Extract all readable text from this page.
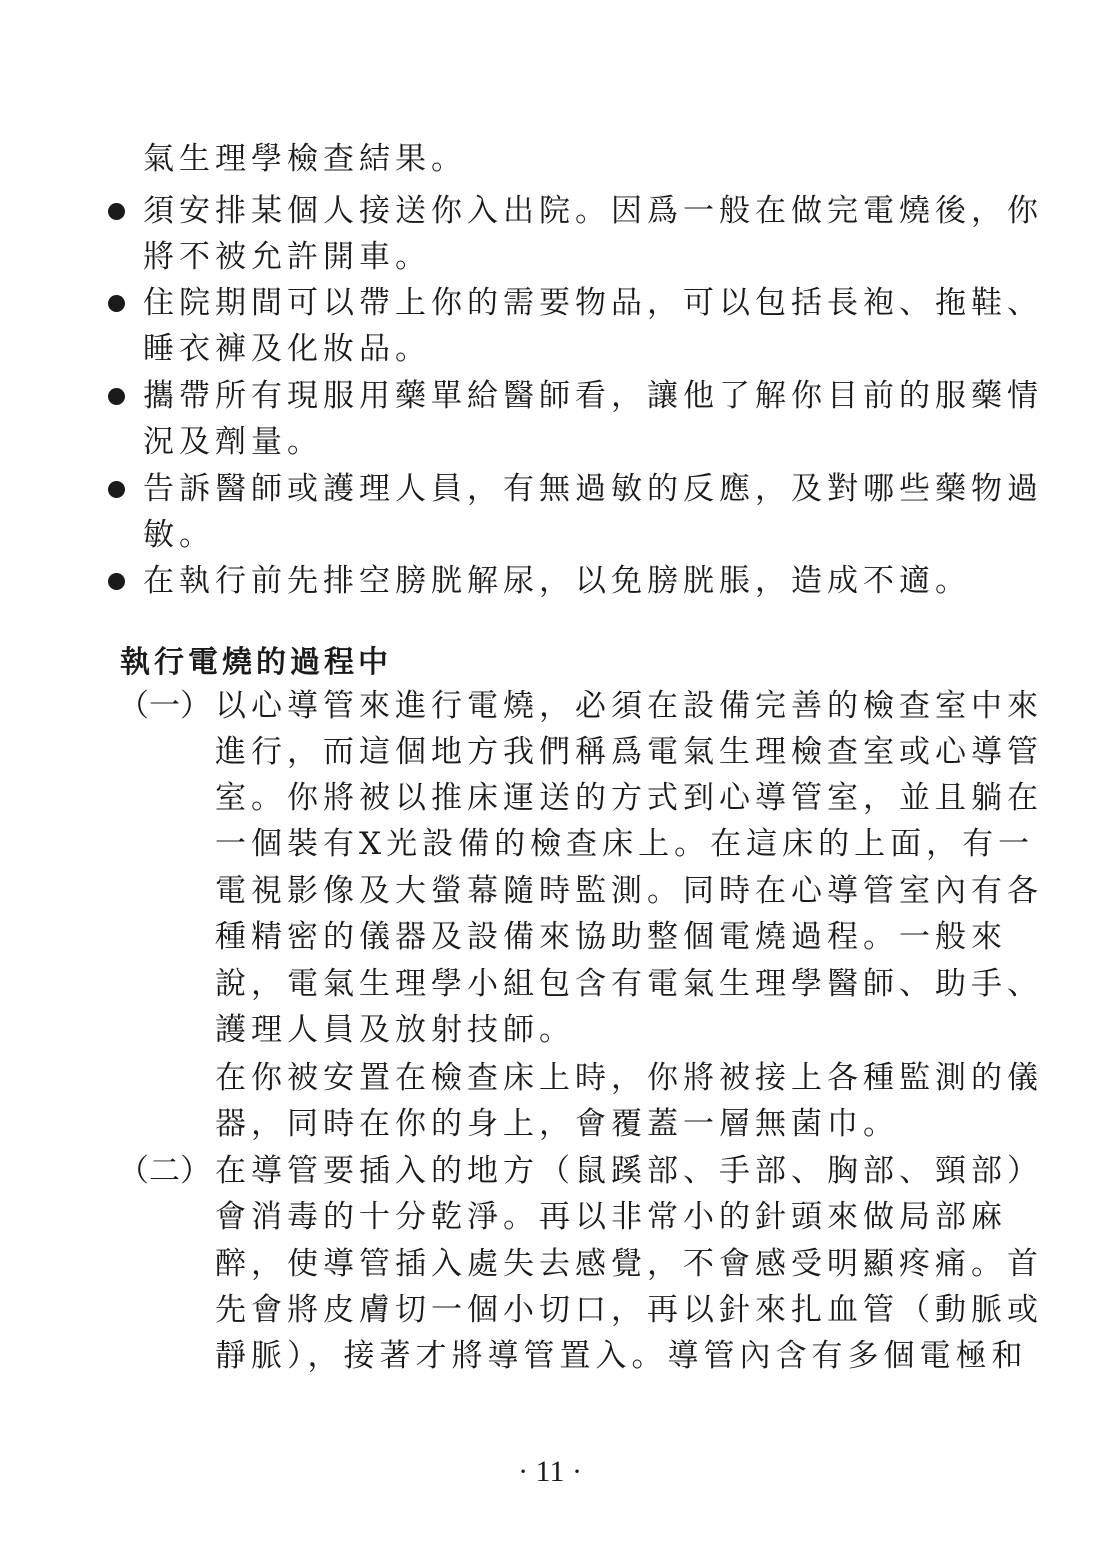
氣生理學檢查結果。
須安排某個人接送你入出院。因爲一般在做完電燒後，你
將不被允許開車。
住院期間可以帶上你的需要物品，可以包括長袍、拖鞋、
睡衣褲及化妝品。
攜帶所有現服用藥單給醫師看，讓他了解你目前的服藥情
況及劑量。
告訴醫師或護理人員，有無過敏的反應，及對哪些藥物過
敏。
在執行前先排空膀胱解尿，以免膀胱脹，造成不適。
執行電燒的過程中
（一） 以心導管來進行電燒，必須在設備完善的檢查室中來
進行，而這個地方我們稱爲電氣生理檢查室或心導管
室。你將被以推床運送的方式到心導管室，並且躺在
一個裝有X光設備的檢查床上。在這床的上面，有一
電視影像及大螢幕隨時監測。同時在心導管室內有各
種精密的儀器及設備來協助整個電燒過程。一般來
說，電氣生理學小組包含有電氣生理學醫師、助手、
護理人員及放射技師。
在你被安置在檢查床上時，你將被接上各種監測的儀
器，同時在你的身上，會覆蓋一層無菌巾。
（二） 在導管要插入的地方（鼠蹊部、手部、胸部、頸部）
會消毒的十分乾淨。再以非常小的針頭來做局部麻
醉，使導管插入處失去感覺，不會感受明顯疼痛。首
先會將皮膚切一個小切口，再以針來扎血管（動脈或
靜脈），接著才將導管置入。導管內含有多個電極和
· 11 ·
